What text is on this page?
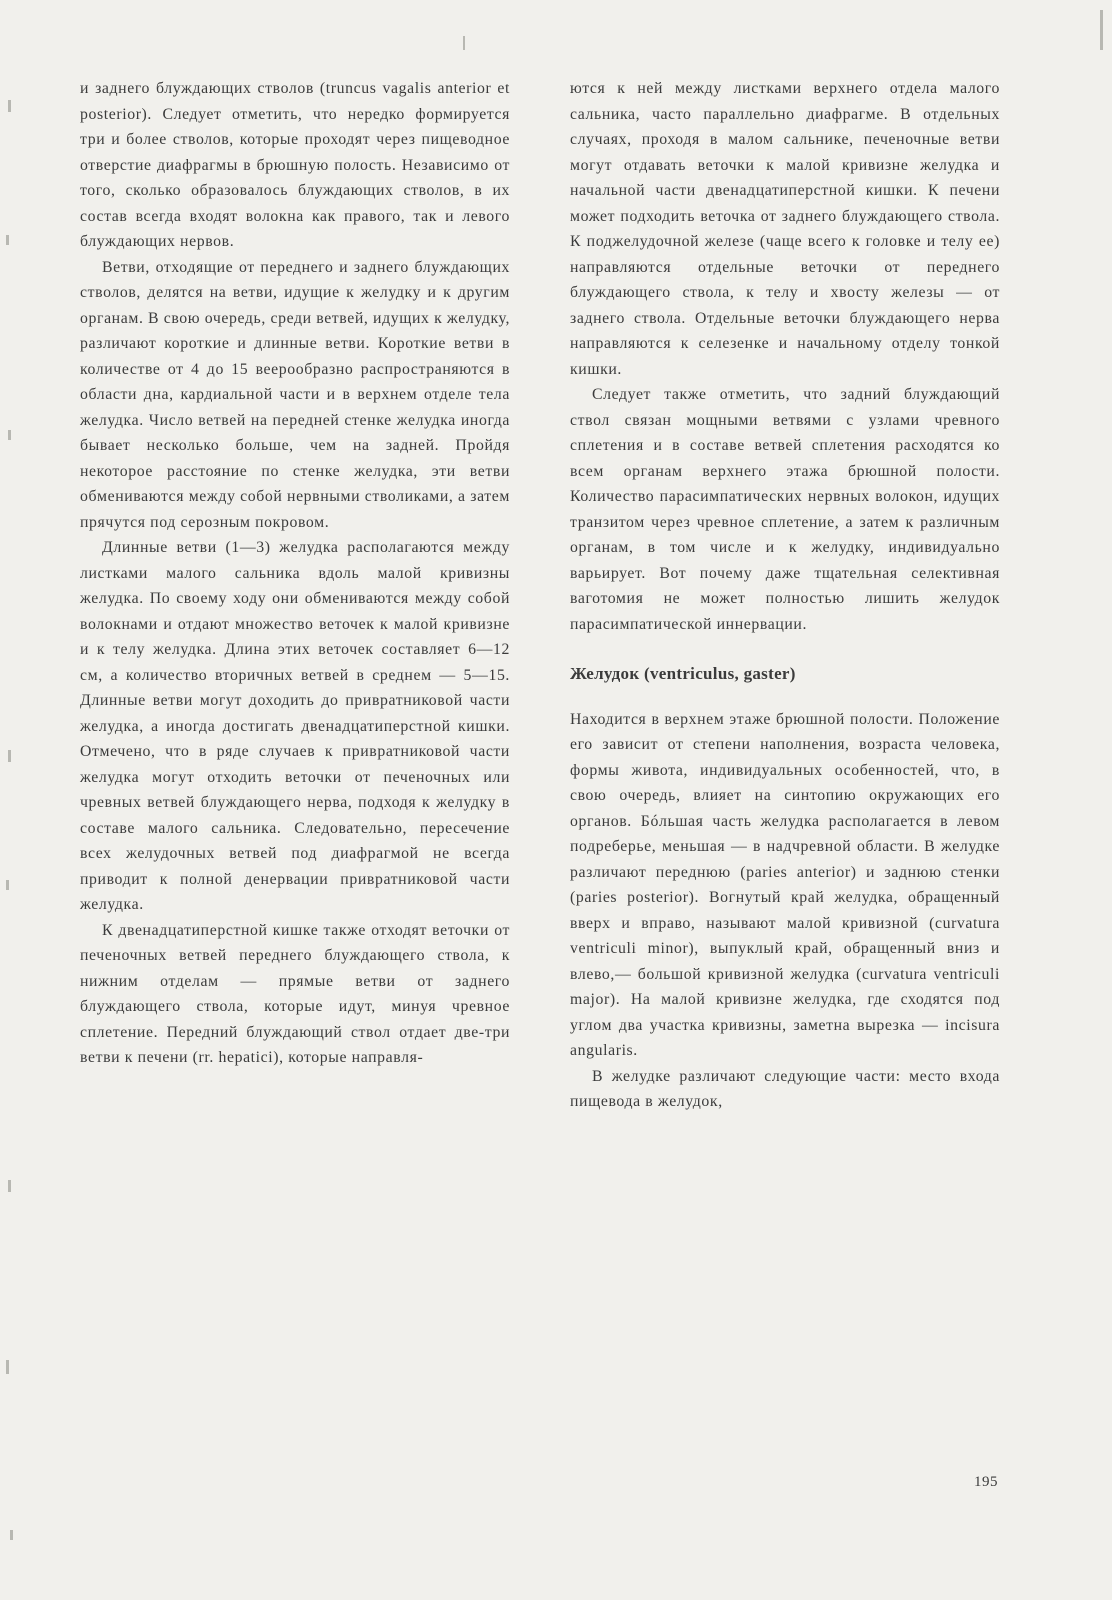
и заднего блуждающих стволов (truncus vagalis anterior et posterior). Следует отметить, что нередко формируется три и более стволов, которые проходят через пищеводное отверстие диафрагмы в брюшную полость. Независимо от того, сколько образовалось блуждающих стволов, в их состав всегда входят волокна как правого, так и левого блуждающих нервов.

Ветви, отходящие от переднего и заднего блуждающих стволов, делятся на ветви, идущие к желудку и к другим органам. В свою очередь, среди ветвей, идущих к желудку, различают короткие и длинные ветви. Короткие ветви в количестве от 4 до 15 веерообразно распространяются в области дна, кардиальной части и в верхнем отделе тела желудка. Число ветвей на передней стенке желудка иногда бывает несколько больше, чем на задней. Пройдя некоторое расстояние по стенке желудка, эти ветви обмениваются между собой нервными стволиками, а затем прячутся под серозным покровом.

Длинные ветви (1—3) желудка располагаются между листками малого сальника вдоль малой кривизны желудка. По своему ходу они обмениваются между собой волокнами и отдают множество веточек к малой кривизне и к телу желудка. Длина этих веточек составляет 6—12 см, а количество вторичных ветвей в среднем — 5—15. Длинные ветви могут доходить до привратниковой части желудка, а иногда достигать двенадцатиперстной кишки. Отмечено, что в ряде случаев к привратниковой части желудка могут отходить веточки от печеночных или чревных ветвей блуждающего нерва, подходя к желудку в составе малого сальника. Следовательно, пересечение всех желудочных ветвей под диафрагмой не всегда приводит к полной денервации привратниковой части желудка.

К двенадцатиперстной кишке также отходят веточки от печеночных ветвей переднего блуждающего ствола, к нижним отделам — прямые ветви от заднего блуждающего ствола, которые идут, минуя чревное сплетение. Передний блуждающий ствол отдает две-три ветви к печени (rr. hepatici), которые направля-

ются к ней между листками верхнего отдела малого сальника, часто параллельно диафрагме. В отдельных случаях, проходя в малом сальнике, печеночные ветви могут отдавать веточки к малой кривизне желудка и начальной части двенадцатиперстной кишки. К печени может подходить веточка от заднего блуждающего ствола. К поджелудочной железе (чаще всего к головке и телу ее) направляются отдельные веточки от переднего блуждающего ствола, к телу и хвосту железы — от заднего ствола. Отдельные веточки блуждающего нерва направляются к селезенке и начальному отделу тонкой кишки.

Следует также отметить, что задний блуждающий ствол связан мощными ветвями с узлами чревного сплетения и в составе ветвей сплетения расходятся ко всем органам верхнего этажа брюшной полости. Количество парасимпатических нервных волокон, идущих транзитом через чревное сплетение, а затем к различным органам, в том числе и к желудку, индивидуально варьирует. Вот почему даже тщательная селективная ваготомия не может полностью лишить желудок парасимпатической иннервации.

Желудок (ventriculus, gaster)

Находится в верхнем этаже брюшной полости. Положение его зависит от степени наполнения, возраста человека, формы живота, индивидуальных особенностей, что, в свою очередь, влияет на синтопию окружающих его органов. Бóльшая часть желудка располагается в левом подреберье, меньшая — в надчревной области. В желудке различают переднюю (paries anterior) и заднюю стенки (paries posterior). Вогнутый край желудка, обращенный вверх и вправо, называют малой кривизной (curvatura ventriculi minor), выпуклый край, обращенный вниз и влево,— большой кривизной желудка (curvatura ventriculi major). На малой кривизне желудка, где сходятся под углом два участка кривизны, заметна вырезка — incisura angularis.

В желудке различают следующие части: место входа пищевода в желудок,

195
